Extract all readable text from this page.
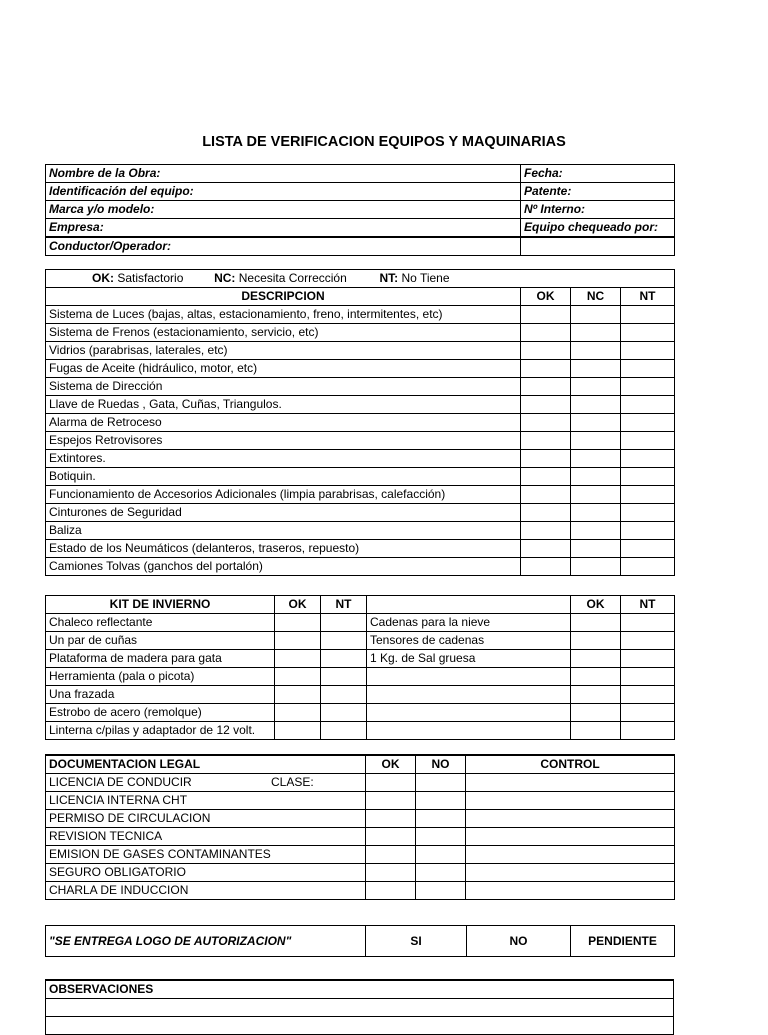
LISTA DE VERIFICACION EQUIPOS Y MAQUINARIAS
Nombre de la Obra:	Fecha:
Identificación del equipo:	Patente:
Marca y/o modelo:	Nº Interno:
Empresa:	Equipo chequeado por:
Conductor/Operador:	
OK: Satisfactorio NC: Necesita Corrección NT: No Tiene			
DESCRIPCION	OK	NC	NT
Sistema de Luces (bajas, altas, estacionamiento, freno, intermitentes, etc)			
Sistema de Frenos (estacionamiento, servicio, etc)			
Vidrios (parabrisas, laterales, etc)			
Fugas de Aceite (hidráulico, motor, etc)			
Sistema de Dirección			
Llave de Ruedas , Gata, Cuñas, Triangulos.			
Alarma de Retroceso			
Espejos Retrovisores			
Extintores.			
Botiquin.			
Funcionamiento de Accesorios Adicionales (limpia parabrisas, calefacción)			
Cinturones de Seguridad			
Baliza			
Estado de los Neumáticos (delanteros, traseros, repuesto)			
Camiones Tolvas (ganchos del portalón)			
KIT DE INVIERNO	OK	NT		OK	NT
Chaleco reflectante			Cadenas para la nieve		
Un par de cuñas			Tensores de cadenas		
Plataforma de madera para gata			1 Kg. de Sal gruesa		
Herramienta (pala o picota)					
Una frazada					
Estrobo de acero (remolque)					
Linterna c/pilas y adaptador de 12 volt.					
DOCUMENTACION LEGAL	OK	NO	CONTROL
LICENCIA DE CONDUCIR CLASE:			

LICENCIA INTERNA CHT			
PERMISO DE CIRCULACION			
REVISION TECNICA			
EMISION DE GASES CONTAMINANTES			
SEGURO OBLIGATORIO			
CHARLA DE INDUCCION			
"SE ENTREGA LOGO DE AUTORIZACION"	SI	NO	PENDIENTE
OBSERVACIONES
